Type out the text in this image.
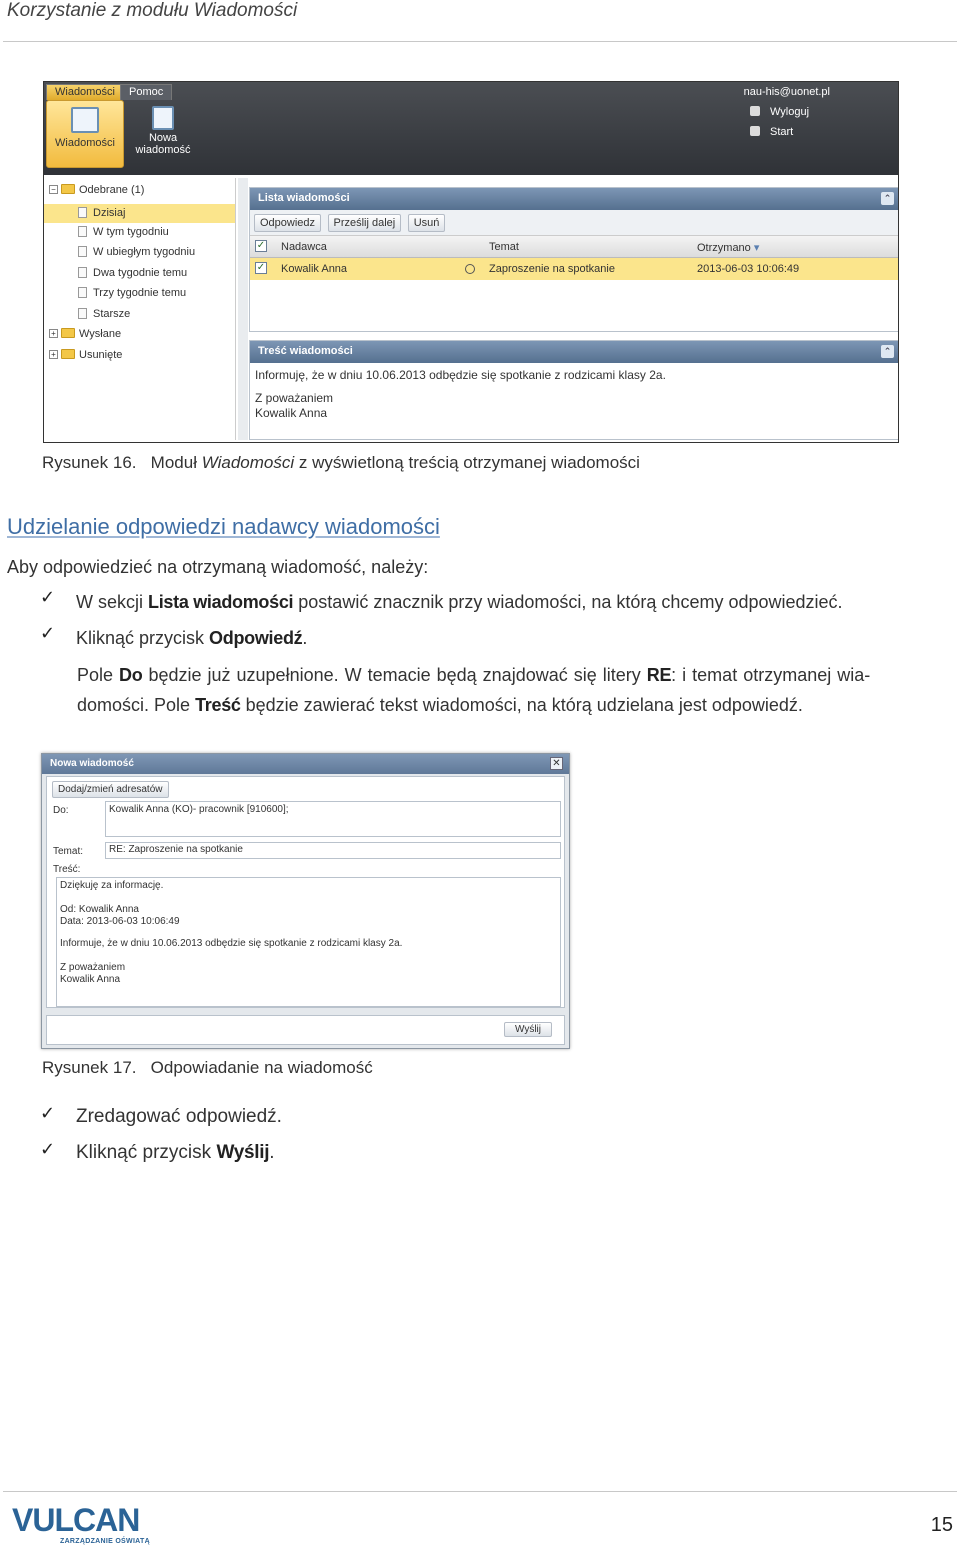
Korzystanie z modułu Wiadomości
Wiadomości	Pomoc
Wiadomości	Nowa
wiadomość
nau-his@uonet.pl
Wyloguj
Start
− Odebrane (1)
Dzisiaj
W tym tygodniu
W ubiegłym tygodniu
Dwa tygodnie temu
Trzy tygodnie temu
Starsze
+ Wysłane
+ Usunięte
Lista wiadomości	⌃
Odpowiedz Prześlij dalej Usuń
✓ Nadawca	Temat	Otrzymano ▾
✓ Kowalik Anna	Zaproszenie na spotkanie	2013-06-03 10:06:49
Treść wiadomości	⌃
Informuję, że w dniu 10.06.2013 odbędzie się spotkanie z rodzicami klasy 2a.
Z poważaniem
Kowalik Anna
Rysunek 16. Moduł Wiadomości z wyświetloną treścią otrzymanej wiadomości
Udzielanie odpowiedzi nadawcy wiadomości
Aby odpowiedzieć na otrzymaną wiadomość, należy:
✓ W sekcji Lista wiadomości postawić znacznik przy wiadomości, na którą chcemy odpowiedzieć.
✓ Kliknąć przycisk Odpowiedź.
Pole Do będzie już uzupełnione. W temacie będą znajdować się litery RE: i temat otrzymanej wia-
domości. Pole Treść będzie zawierać tekst wiadomości, na którą udzielana jest odpowiedź.
Nowa wiadomość	✕
Dodaj/zmień adresatów
Do:	Kowalik Anna (KO)- pracownik [910600];
Temat:	RE: Zaproszenie na spotkanie
Treść:
Dziękuję za informację.
Od: Kowalik Anna
Data: 2013-06-03 10:06:49
Informuje, że w dniu 10.06.2013 odbędzie się spotkanie z rodzicami klasy 2a.
Z poważaniem
Kowalik Anna
Wyślij
Rysunek 17. Odpowiadanie na wiadomość
✓ Zredagować odpowiedź.
✓ Kliknąć przycisk Wyślij.
VULCAN
ZARZĄDZANIE OŚWIATĄ
15
